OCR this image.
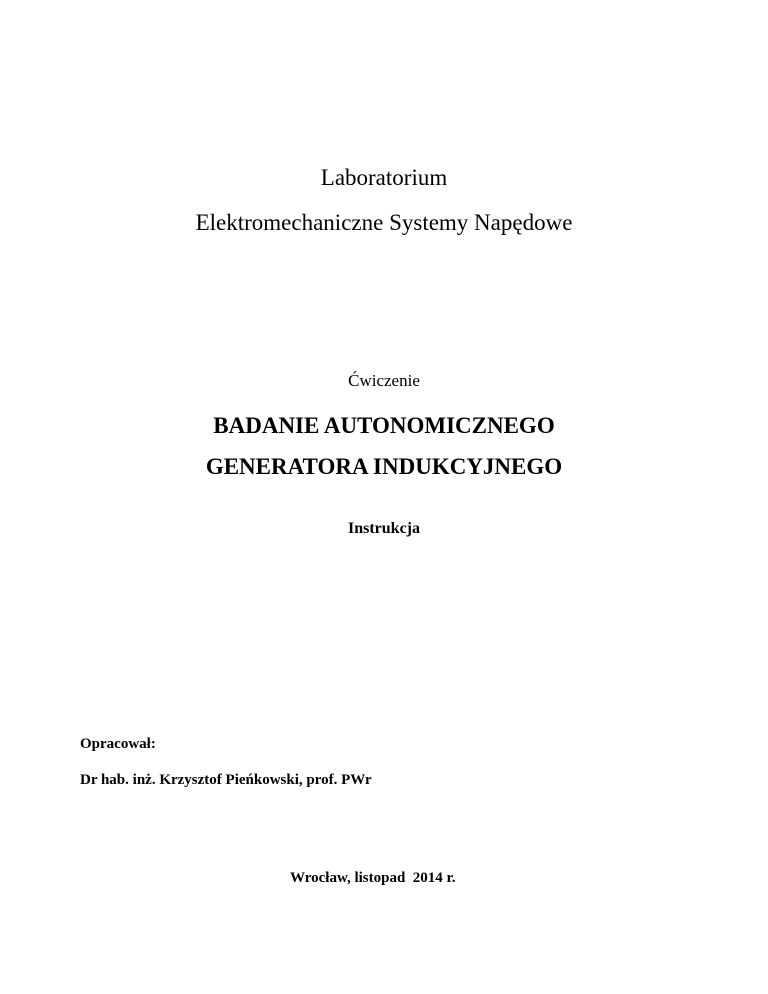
Laboratorium
Elektromechaniczne Systemy Napędowe
Ćwiczenie
BADANIE AUTONOMICZNEGO
GENERATORA INDUKCYJNEGO
Instrukcja
Opracował:
Dr hab. inż. Krzysztof Pieńkowski, prof. PWr
Wrocław, listopad  2014 r.
